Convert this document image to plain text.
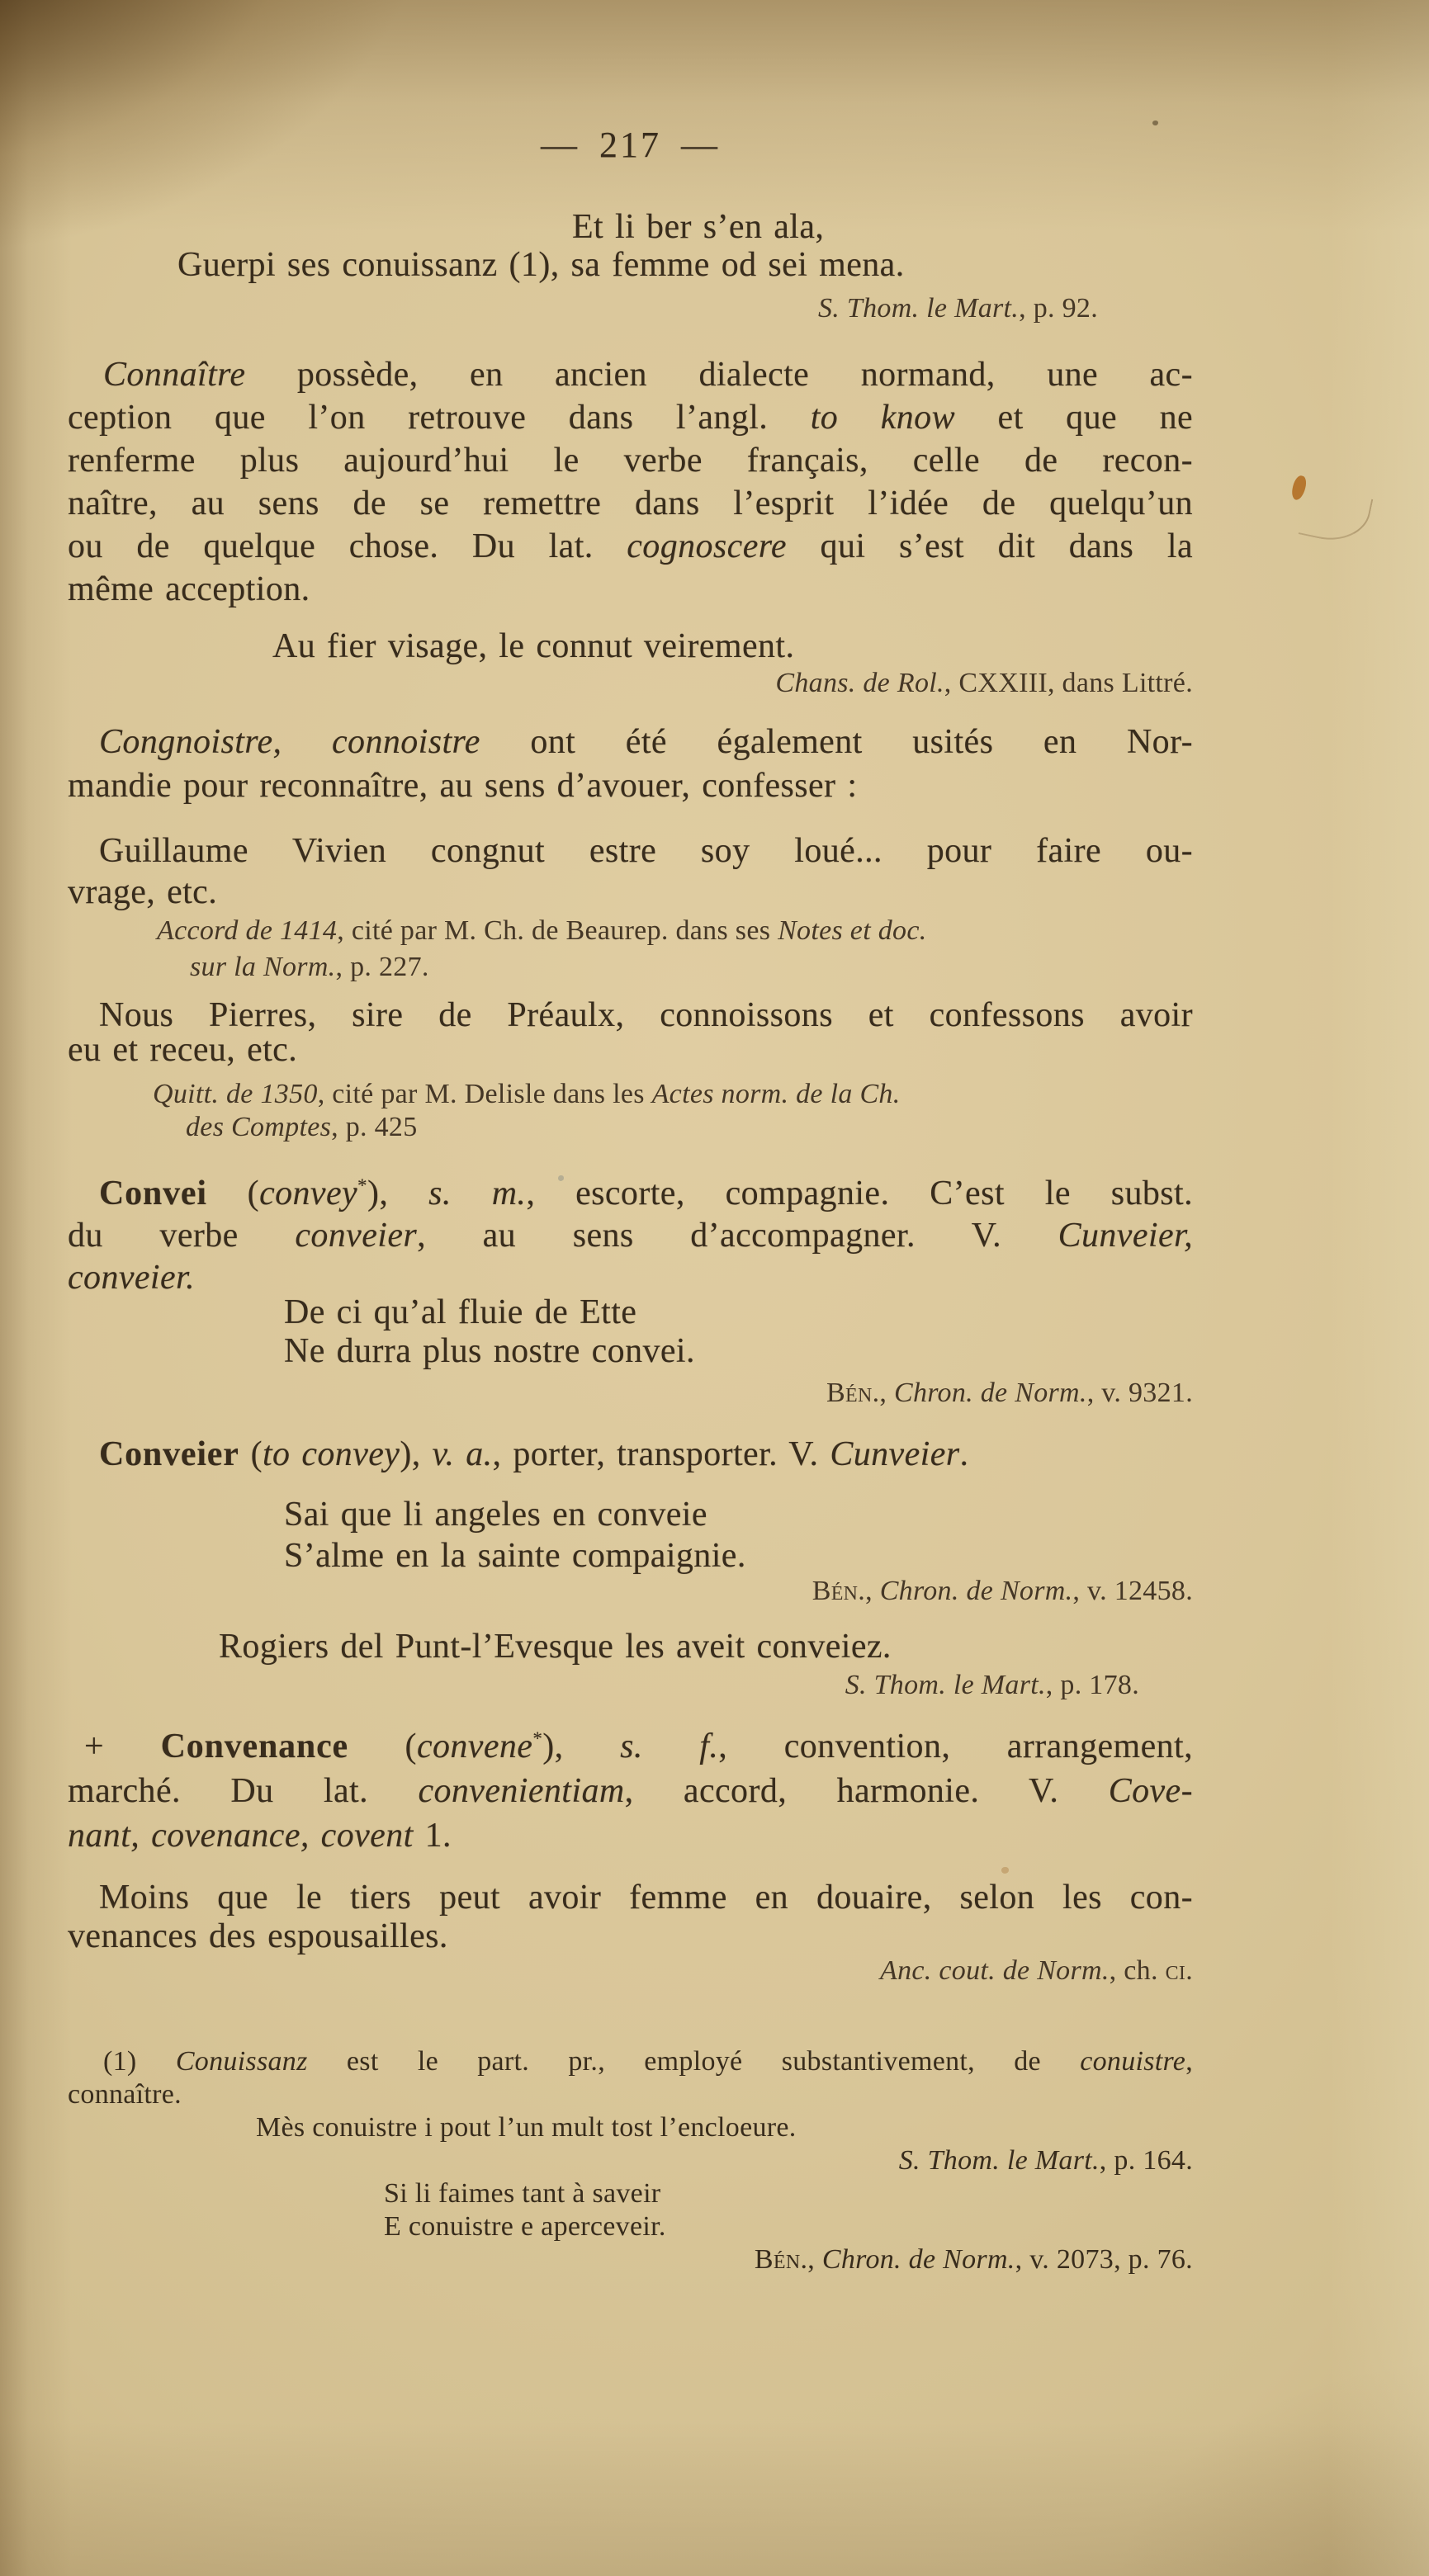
— 217 —
Et li ber s’en ala,
Guerpi ses conuissanz (1), sa femme od sei mena.
S. Thom. le Mart., p. 92.
Connaître possède, en ancien dialecte normand, une ac-
ception que l’on retrouve dans l’angl. to know et que ne
renferme plus aujourd’hui le verbe français, celle de recon-
naître, au sens de se remettre dans l’esprit l’idée de quelqu’un
ou de quelque chose. Du lat. cognoscere qui s’est dit dans la
même acception.
Au fier visage, le connut veirement.
Chans. de Rol., CXXIII, dans Littré.
Congnoistre, connoistre ont été également usités en Nor-
mandie pour reconnaître, au sens d’avouer, confesser :
Guillaume Vivien congnut estre soy loué... pour faire ou-
vrage, etc.
Accord de 1414, cité par M. Ch. de Beaurep. dans ses Notes et doc.
sur la Norm., p. 227.
Nous Pierres, sire de Préaulx, connoissons et confessons avoir
eu et receu, etc.
Quitt. de 1350, cité par M. Delisle dans les Actes norm. de la Ch.
des Comptes, p. 425
Convei (convey*), s. m., escorte, compagnie. C’est le subst.
du verbe conveier, au sens d’accompagner. V. Cunveier,
conveier.
De ci qu’al fluie de Ette
Ne durra plus nostre convei.
Bén., Chron. de Norm., v. 9321.
Conveier (to convey), v. a., porter, transporter. V. Cunveier.
Sai que li angeles en conveie
S’alme en la sainte compaignie.
Bén., Chron. de Norm., v. 12458.
Rogiers del Punt-l’Evesque les aveit conveiez.
S. Thom. le Mart., p. 178.
+ Convenance (convene*), s. f., convention, arrangement,
marché. Du lat. convenientiam, accord, harmonie. V. Cove-
nant, covenance, covent 1.
Moins que le tiers peut avoir femme en douaire, selon les con-
venances des espousailles.
Anc. cout. de Norm., ch. ci.
(1) Conuissanz est le part. pr., employé substantivement, de conuistre,
connaître.
Mès conuistre i pout l’un mult tost l’encloeure.
S. Thom. le Mart., p. 164.
Si li faimes tant à saveir
E conuistre e aperceveir.
Bén., Chron. de Norm., v. 2073, p. 76.
